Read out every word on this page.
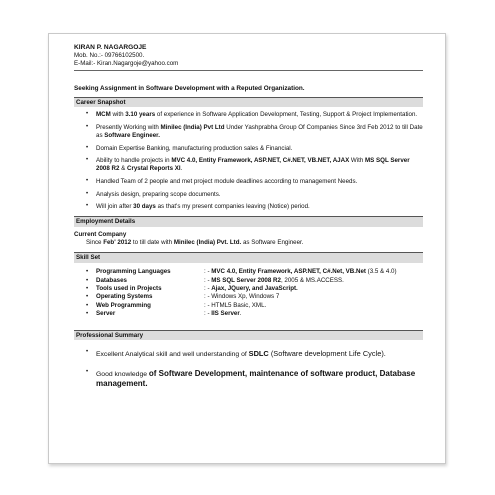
KIRAN P. NAGARGOJE
Mob. No.:- 09766102500.
E-Mail:- Kiran.Nagargoje@yahoo.com
Seeking Assignment in Software Development with a Reputed Organization.
Career Snapshot
• MCM with 3.10 years of experience in Software Application Development, Testing, Support & Project Implementation.
• Presently Working with Minilec (India) Pvt Ltd Under Yashprabha Group Of Companies Since 3rd Feb 2012 to till Date as Software Engineer.
• Domain Expertise Banking, manufacturing production sales & Financial.
• Ability to handle projects in MVC 4.0, Entity Framework, ASP.NET, C#.NET, VB.NET, AJAX With MS SQL Server 2008 R2 & Crystal Reports XI.
• Handled Team of 2 people and met project module deadlines according to management Needs.
• Analysis design, preparing scope documents.
• Will join after 30 days as that's my present companies leaving (Notice) period.
Employment Details
Current Company
Since Feb' 2012 to till date with Minilec (India) Pvt. Ltd. as Software Engineer.
Skill Set
• Programming Languages	: - MVC 4.0, Entity Framework, ASP.NET, C#.Net, VB.Net (3.5 & 4.0)
• Databases	: - MS SQL Server 2008 R2, 2005 & MS.ACCESS.
• Tools used in Projects	: - Ajax, JQuery, and JavaScript.
• Operating Systems	: - Windows Xp, Windows 7
• Web Programming	: - HTML5 Basic, XML.
• Server	: - IIS Server.
Professional Summary
• Excellent Analytical skill and well understanding of SDLC (Software development Life Cycle).
• Good knowledge of Software Development, maintenance of software product, Database management.
